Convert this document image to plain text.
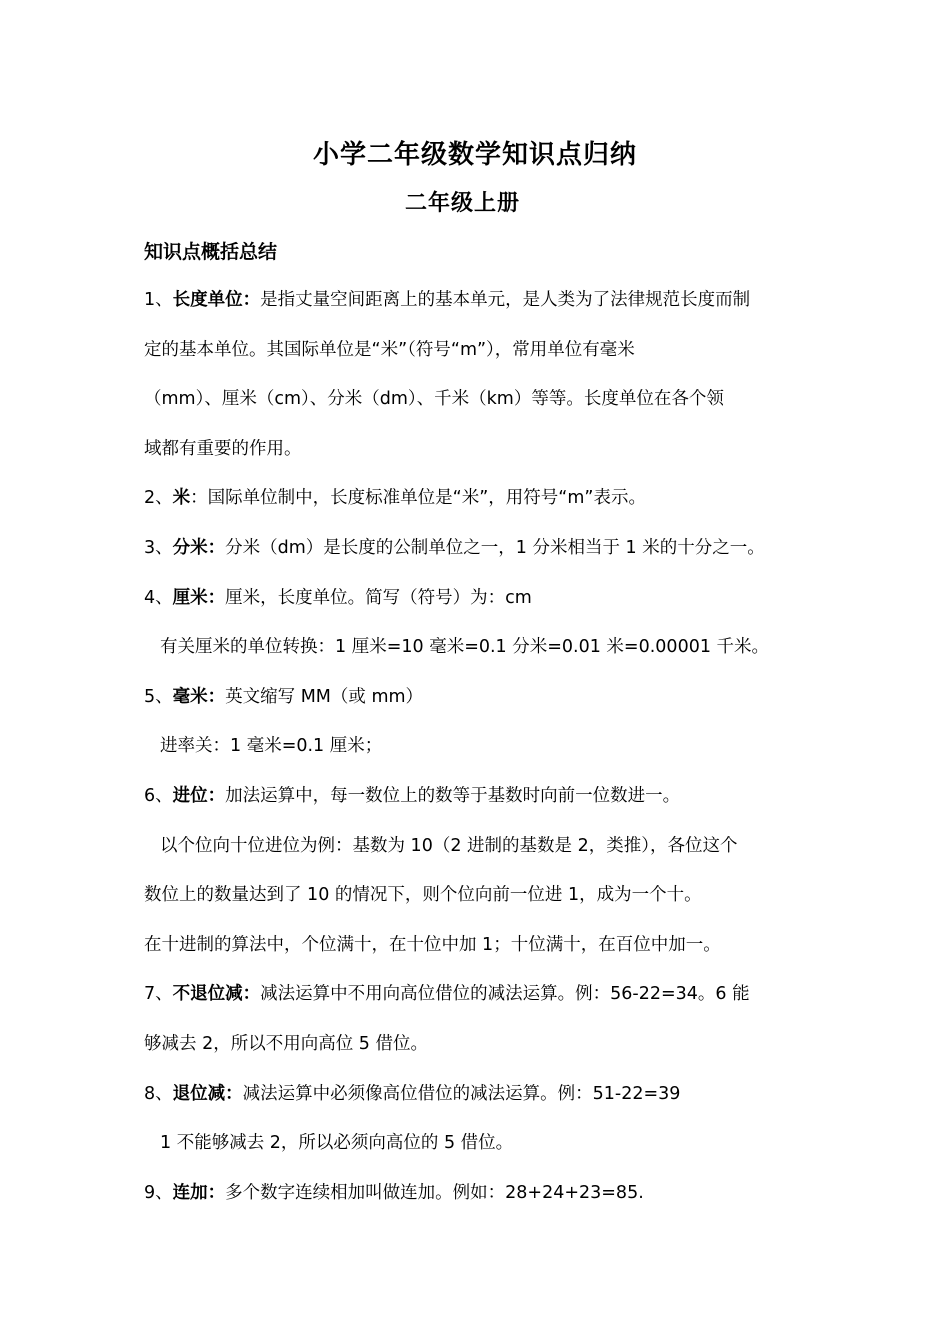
小学二年级数学知识点归纳
二年级上册
知识点概括总结
1、长度单位：是指丈量空间距离上的基本单元，是人类为了法律规范长度而制
定的基本单位。其国际单位是“米”（符号“m”），常用单位有毫米
（mm）、厘米（cm）、分米（dm）、千米（km）等等。长度单位在各个领
域都有重要的作用。
2、米：国际单位制中，长度标准单位是“米”，用符号“m”表示。
3、分米：分米（dm）是长度的公制单位之一，1 分米相当于 1 米的十分之一。
4、厘米：厘米，长度单位。简写（符号）为：cm
有关厘米的单位转换：1 厘米=10 毫米=0.1 分米=0.01 米=0.00001 千米。
5、毫米：英文缩写 MM（或 mm）
进率关：1 毫米=0.1 厘米；
6、进位：加法运算中，每一数位上的数等于基数时向前一位数进一。
以个位向十位进位为例：基数为 10（2 进制的基数是 2，类推），各位这个
数位上的数量达到了 10 的情况下，则个位向前一位进 1，成为一个十。
在十进制的算法中，个位满十，在十位中加 1；十位满十，在百位中加一。
7、不退位减：减法运算中不用向高位借位的减法运算。例：56-22=34。6 能
够减去 2，所以不用向高位 5 借位。
8、退位减：减法运算中必须像高位借位的减法运算。例：51-22=39
1 不能够减去 2，所以必须向高位的 5 借位。
9、连加：多个数字连续相加叫做连加。例如：28+24+23=85.
